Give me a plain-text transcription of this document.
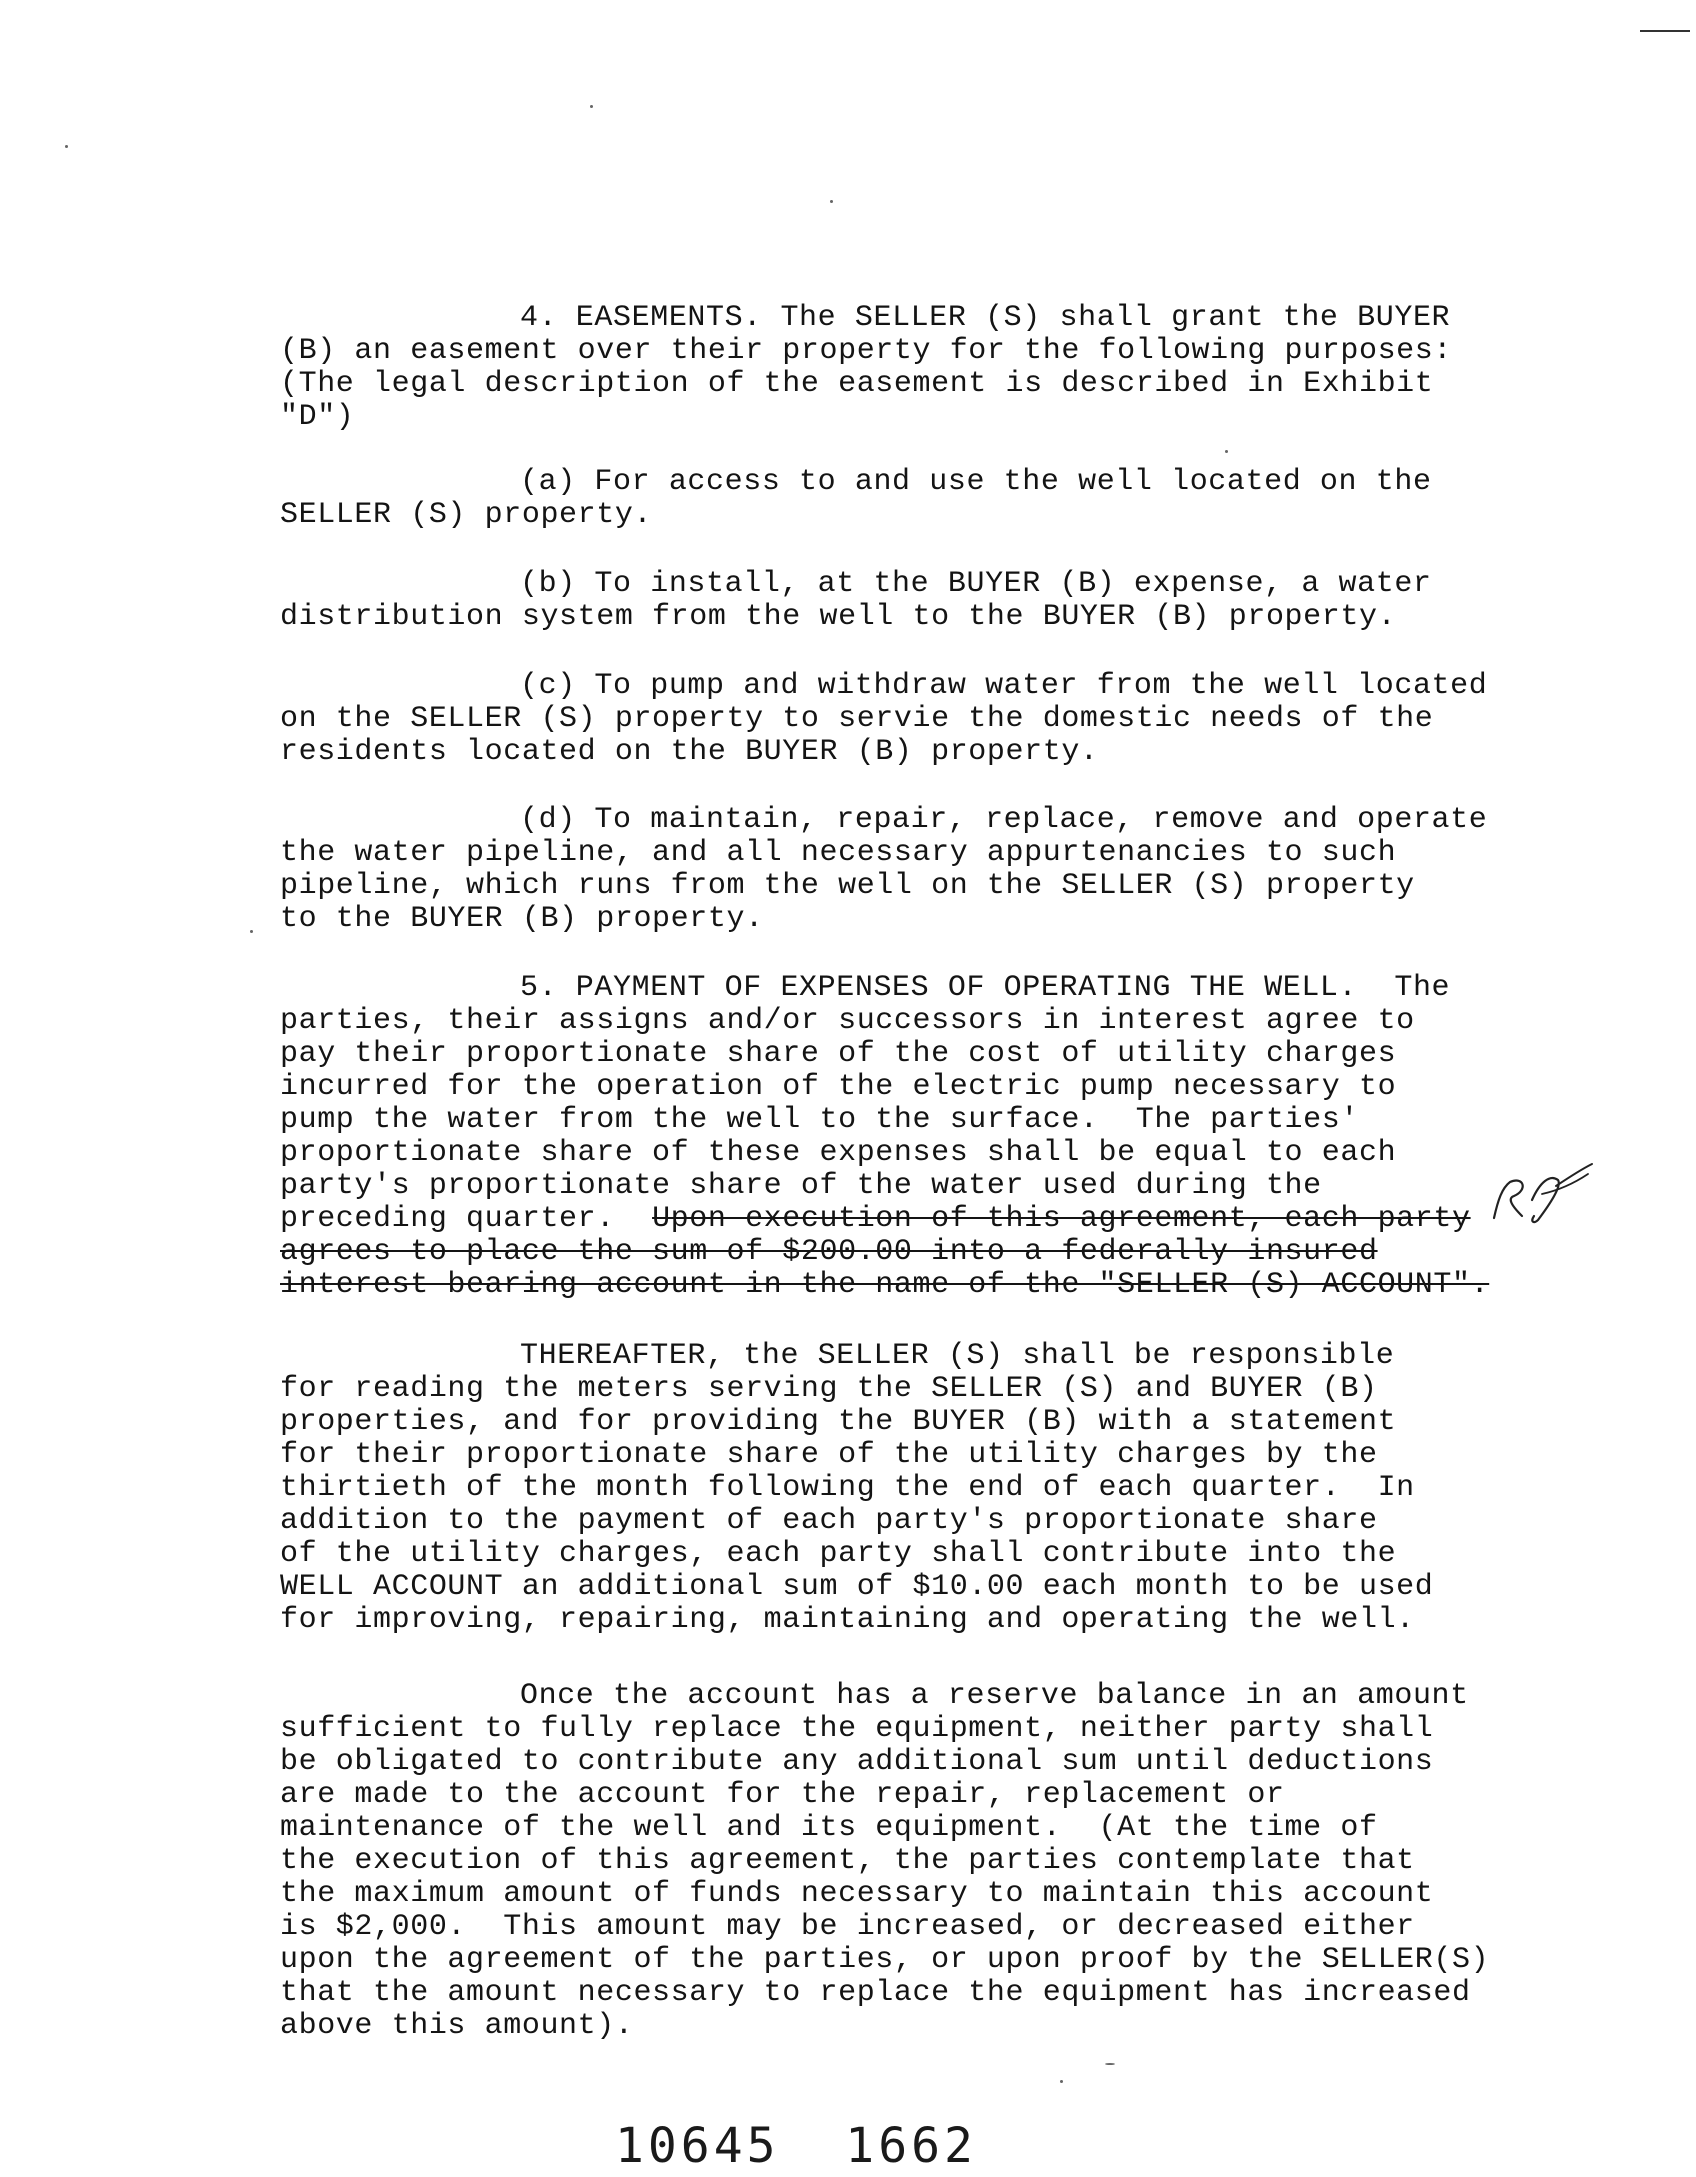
4. EASEMENTS. The SELLER (S) shall grant the BUYER
(B) an easement over their property for the following purposes:
(The legal description of the easement is described in Exhibit
"D")
(a) For access to and use the well located on the
SELLER (S) property.
(b) To install, at the BUYER (B) expense, a water
distribution system from the well to the BUYER (B) property.
(c) To pump and withdraw water from the well located
on the SELLER (S) property to servie the domestic needs of the
residents located on the BUYER (B) property.
(d) To maintain, repair, replace, remove and operate
the water pipeline, and all necessary appurtenancies to such
pipeline, which runs from the well on the SELLER (S) property
to the BUYER (B) property.
5. PAYMENT OF EXPENSES OF OPERATING THE WELL.  The
parties, their assigns and/or successors in interest agree to
pay their proportionate share of the cost of utility charges
incurred for the operation of the electric pump necessary to
pump the water from the well to the surface.  The parties'
proportionate share of these expenses shall be equal to each
party's proportionate share of the water used during the
preceding quarter.  Upon execution of this agreement, each party
agrees to place the sum of $200.00 into a federally insured
interest bearing account in the name of the "SELLER (S) ACCOUNT".
THEREAFTER, the SELLER (S) shall be responsible
for reading the meters serving the SELLER (S) and BUYER (B)
properties, and for providing the BUYER (B) with a statement
for their proportionate share of the utility charges by the
thirtieth of the month following the end of each quarter.  In
addition to the payment of each party's proportionate share
of the utility charges, each party shall contribute into the
WELL ACCOUNT an additional sum of $10.00 each month to be used
for improving, repairing, maintaining and operating the well.
Once the account has a reserve balance in an amount
sufficient to fully replace the equipment, neither party shall
be obligated to contribute any additional sum until deductions
are made to the account for the repair, replacement or
maintenance of the well and its equipment.  (At the time of
the execution of this agreement, the parties contemplate that
the maximum amount of funds necessary to maintain this account
is $2,000.  This amount may be increased, or decreased either
upon the agreement of the parties, or upon proof by the SELLER(S)
that the amount necessary to replace the equipment has increased
above this amount).
10645  1662
